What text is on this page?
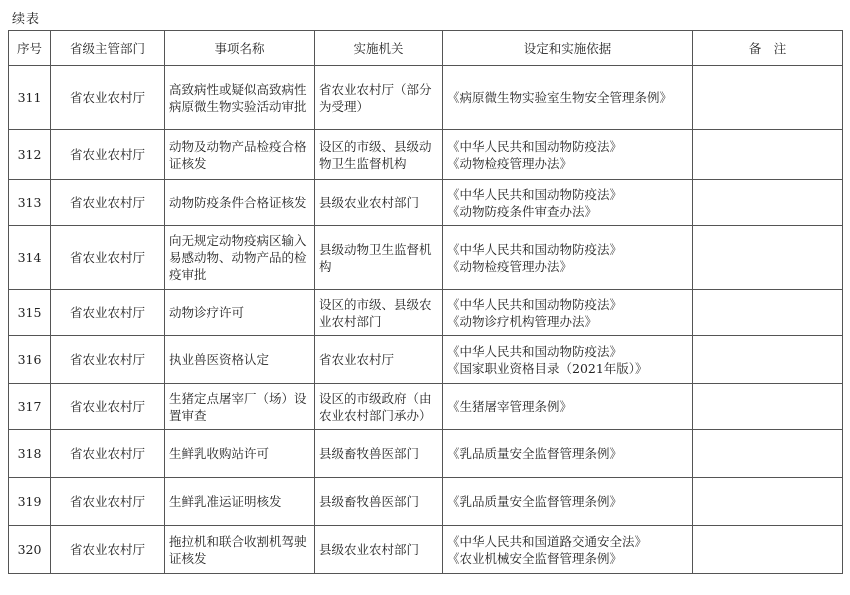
续表
序号	省级主管部门	事项名称	实施机关	设定和实施依据	备　注
311	省农业农村厅	高致病性或疑似高致病性病原微生物实验活动审批	省农业农村厅（部分为受理）	《病原微生物实验室生物安全管理条例》	

312	省农业农村厅	动物及动物产品检疫合格证核发	设区的市级、县级动物卫生监督机构	《中华人民共和国动物防疫法》
《动物检疫管理办法》	

313	省农业农村厅	动物防疫条件合格证核发	县级农业农村部门	《中华人民共和国动物防疫法》
《动物防疫条件审查办法》	

314	省农业农村厅	向无规定动物疫病区输入易感动物、动物产品的检疫审批	县级动物卫生监督机构	《中华人民共和国动物防疫法》
《动物检疫管理办法》	

315	省农业农村厅	动物诊疗许可	设区的市级、县级农业农村部门	《中华人民共和国动物防疫法》
《动物诊疗机构管理办法》	

316	省农业农村厅	执业兽医资格认定	省农业农村厅	《中华人民共和国动物防疫法》
《国家职业资格目录（2021年版）》	

317	省农业农村厅	生猪定点屠宰厂（场）设置审查	设区的市级政府（由农业农村部门承办）	《生猪屠宰管理条例》	

318	省农业农村厅	生鲜乳收购站许可	县级畜牧兽医部门	《乳品质量安全监督管理条例》	

319	省农业农村厅	生鲜乳准运证明核发	县级畜牧兽医部门	《乳品质量安全监督管理条例》	

320	省农业农村厅	拖拉机和联合收割机驾驶证核发	县级农业农村部门	《中华人民共和国道路交通安全法》
《农业机械安全监督管理条例》	
